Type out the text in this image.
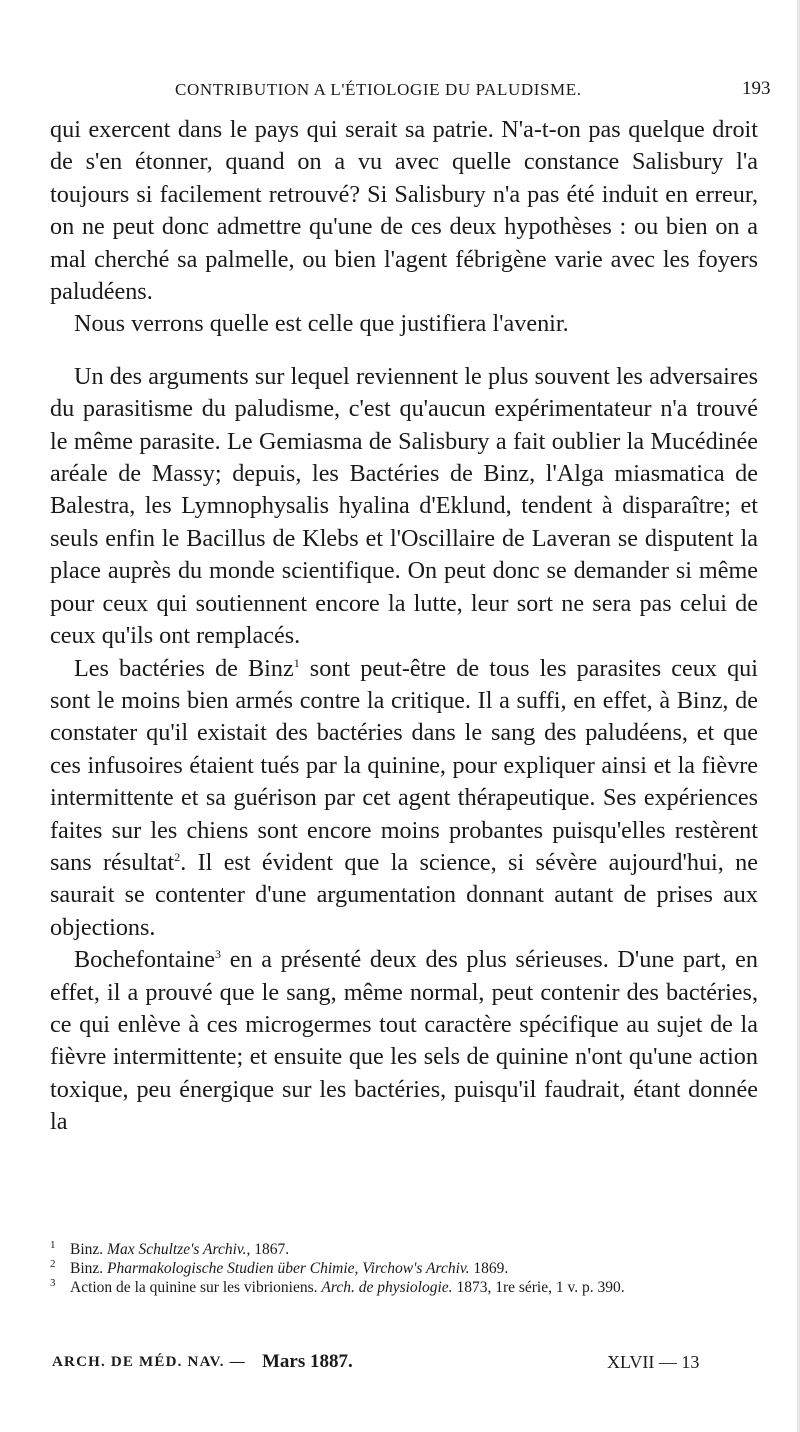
CONTRIBUTION A L'ÉTIOLOGIE DU PALUDISME.	193

qui exercent dans le pays qui serait sa patrie. N'a-t-on pas quelque droit de s'en étonner, quand on a vu avec quelle constance Salisbury l'a toujours si facilement retrouvé? Si Salisbury n'a pas été induit en erreur, on ne peut donc admettre qu'une de ces deux hypothèses : ou bien on a mal cherché sa palmelle, ou bien l'agent fébrigène varie avec les foyers paludéens.

Nous verrons quelle est celle que justifiera l'avenir.

Un des arguments sur lequel reviennent le plus souvent les adversaires du parasitisme du paludisme, c'est qu'aucun expérimentateur n'a trouvé le même parasite. Le Gemiasma de Salisbury a fait oublier la Mucédinée aréale de Massy; depuis, les Bactéries de Binz, l'Alga miasmatica de Balestra, les Lymnophysalis hyalina d'Eklund, tendent à disparaître; et seuls enfin le Bacillus de Klebs et l'Oscillaire de Laveran se disputent la place auprès du monde scientifique. On peut donc se demander si même pour ceux qui soutiennent encore la lutte, leur sort ne sera pas celui de ceux qu'ils ont remplacés.

Les bactéries de Binz$^1$ sont peut-être de tous les parasites ceux qui sont le moins bien armés contre la critique. Il a suffi, en effet, à Binz, de constater qu'il existait des bactéries dans le sang des paludéens, et que ces infusoires étaient tués par la quinine, pour expliquer ainsi et la fièvre intermittente et sa guérison par cet agent thérapeutique. Ses expériences faites sur les chiens sont encore moins probantes puisqu'elles restèrent sans résultat$^2$. Il est évident que la science, si sévère aujourd'hui, ne saurait se contenter d'une argumentation donnant autant de prises aux objections.

Bochefontaine$^3$ en a présenté deux des plus sérieuses. D'une part, en effet, il a prouvé que le sang, même normal, peut contenir des bactéries, ce qui enlève à ces microgermes tout caractère spécifique au sujet de la fièvre intermittente; et ensuite que les sels de quinine n'ont qu'une action toxique, peu énergique sur les bactéries, puisqu'il faudrait, étant donnée la

1 Binz. Max Schultze's Archiv., 1867.

2 Binz. Pharmakologische Studien über Chimie, Virchow's Archiv. 1869.

3 Action de la quinine sur les vibrioniens. Arch. de physiologie. 1873, 1re série, 1 v. p. 390.

ARCH. DE MÉD. NAV. — Mars 1887.	XLVII — 13
